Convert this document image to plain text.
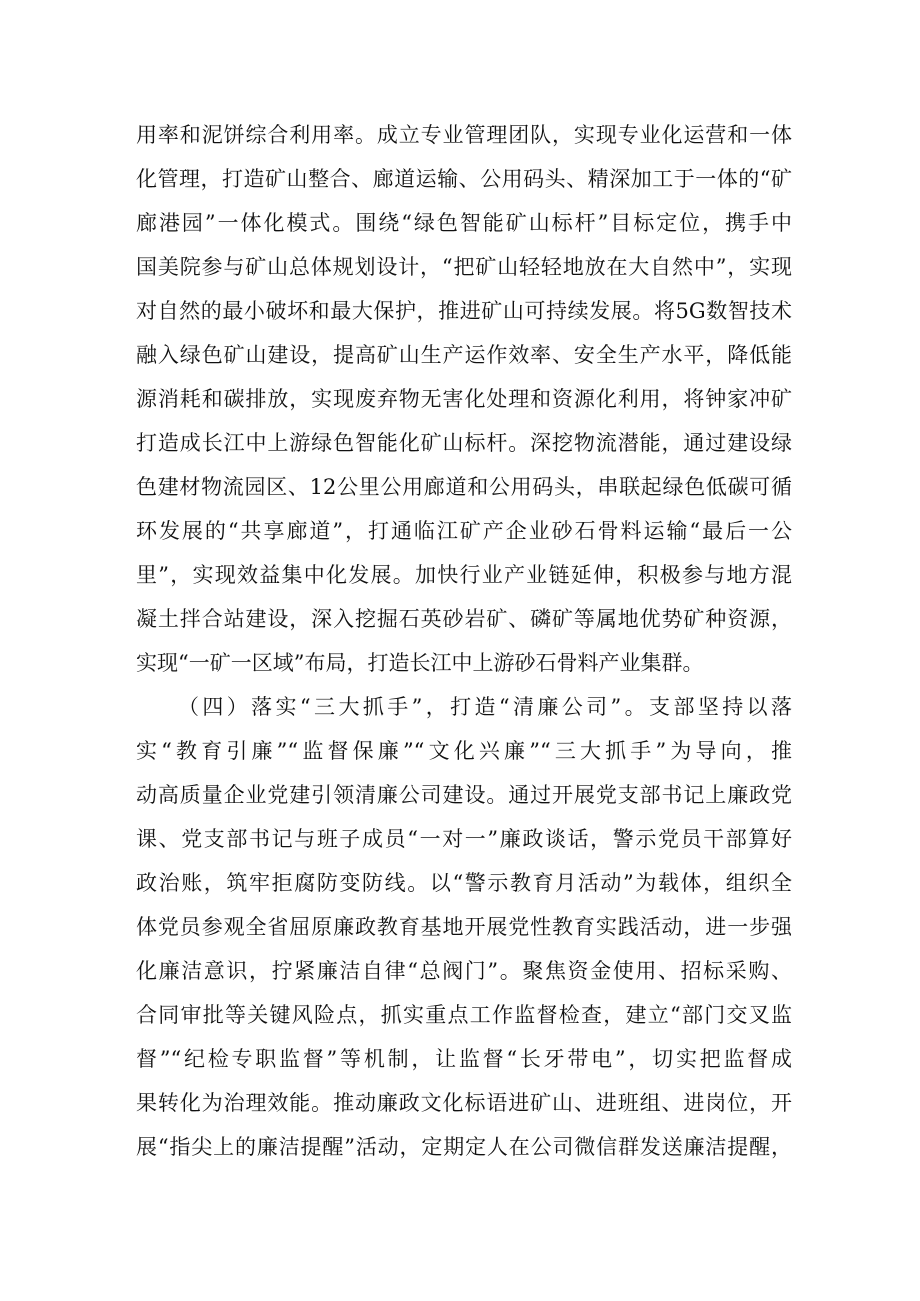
用率和泥饼综合利用率。成立专业管理团队，实现专业化运营和一体
化管理，打造矿山整合、廊道运输、公用码头、精深加工于一体的“矿
廊港园”一体化模式。围绕“绿色智能矿山标杆”目标定位，携手中
国美院参与矿山总体规划设计，“把矿山轻轻地放在大自然中”，实现
对自然的最小破坏和最大保护，推进矿山可持续发展。将5G数智技术
融入绿色矿山建设，提高矿山生产运作效率、安全生产水平，降低能
源消耗和碳排放，实现废弃物无害化处理和资源化利用，将钟家冲矿
打造成长江中上游绿色智能化矿山标杆。深挖物流潜能，通过建设绿
色建材物流园区、12公里公用廊道和公用码头，串联起绿色低碳可循
环发展的“共享廊道”，打通临江矿产企业砂石骨料运输“最后一公
里”，实现效益集中化发展。加快行业产业链延伸，积极参与地方混
凝土拌合站建设，深入挖掘石英砂岩矿、磷矿等属地优势矿种资源，
实现“一矿一区域”布局，打造长江中上游砂石骨料产业集群。
（四）落实“三大抓手”，打造“清廉公司”。支部坚持以落
实“教育引廉”“监督保廉”“文化兴廉”“三大抓手”为导向，推
动高质量企业党建引领清廉公司建设。通过开展党支部书记上廉政党
课、党支部书记与班子成员“一对一”廉政谈话，警示党员干部算好
政治账，筑牢拒腐防变防线。以“警示教育月活动”为载体，组织全
体党员参观全省屈原廉政教育基地开展党性教育实践活动，进一步强
化廉洁意识，拧紧廉洁自律“总阀门”。聚焦资金使用、招标采购、
合同审批等关键风险点，抓实重点工作监督检查，建立“部门交叉监
督”“纪检专职监督”等机制，让监督“长牙带电”，切实把监督成
果转化为治理效能。推动廉政文化标语进矿山、进班组、进岗位，开
展“指尖上的廉洁提醒”活动，定期定人在公司微信群发送廉洁提醒，
